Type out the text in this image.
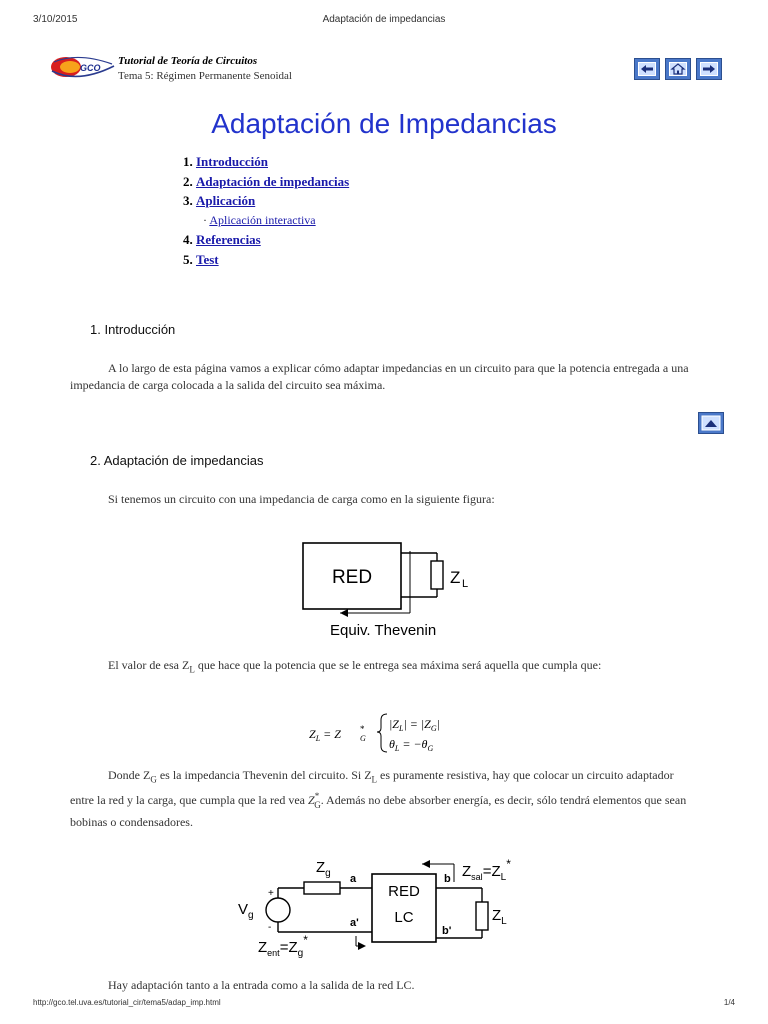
3/10/2015	Adaptación de impedancias
http://gco.tel.uva.es/tutorial_cir/tema5/adap_imp.html	1/4
GCO
Tutorial de Teoría de Circuitos
Tema 5: Régimen Permanente Senoidal
Adaptación de Impedancias
1. Introducción
2. Adaptación de impedancias
3. Aplicación
· Aplicación interactiva
4. Referencias
5. Test
1. Introducción
A lo largo de esta página vamos a explicar cómo adaptar impedancias en un circuito para que la potencia entregada a una impedancia de carga colocada a la salida del circuito sea máxima.
2. Adaptación de impedancias
Si tenemos un circuito con una impedancia de carga como en la siguiente figura:
RED	Z L
Equiv. Thevenin
El valor de esa $Z_L$ que hace que la potencia que se le entrega sea máxima será aquella que cumpla que:
$Z_L = Z$ *
G
$|Z_L| = |Z_G|$
$\theta_L = -\theta_G$
Donde $Z_G$ es la impedancia Thevenin del circuito. Si $Z_L$ es puramente resistiva, hay que colocar un circuito adaptador entre la red y la carga, que cumpla que la red vea $Z^*_G$. Además no debe absorber energía, es decir, sólo tendrá elementos que sean bobinas o condensadores.
+
-
$V_g$
$Z_g$ a
a'
RED
LC
b
b'
$Z_L$
$Z_{sal}=Z_L^*$
$Z_{ent}=Z_g^*$
Hay adaptación tanto a la entrada como a la salida de la red LC.
